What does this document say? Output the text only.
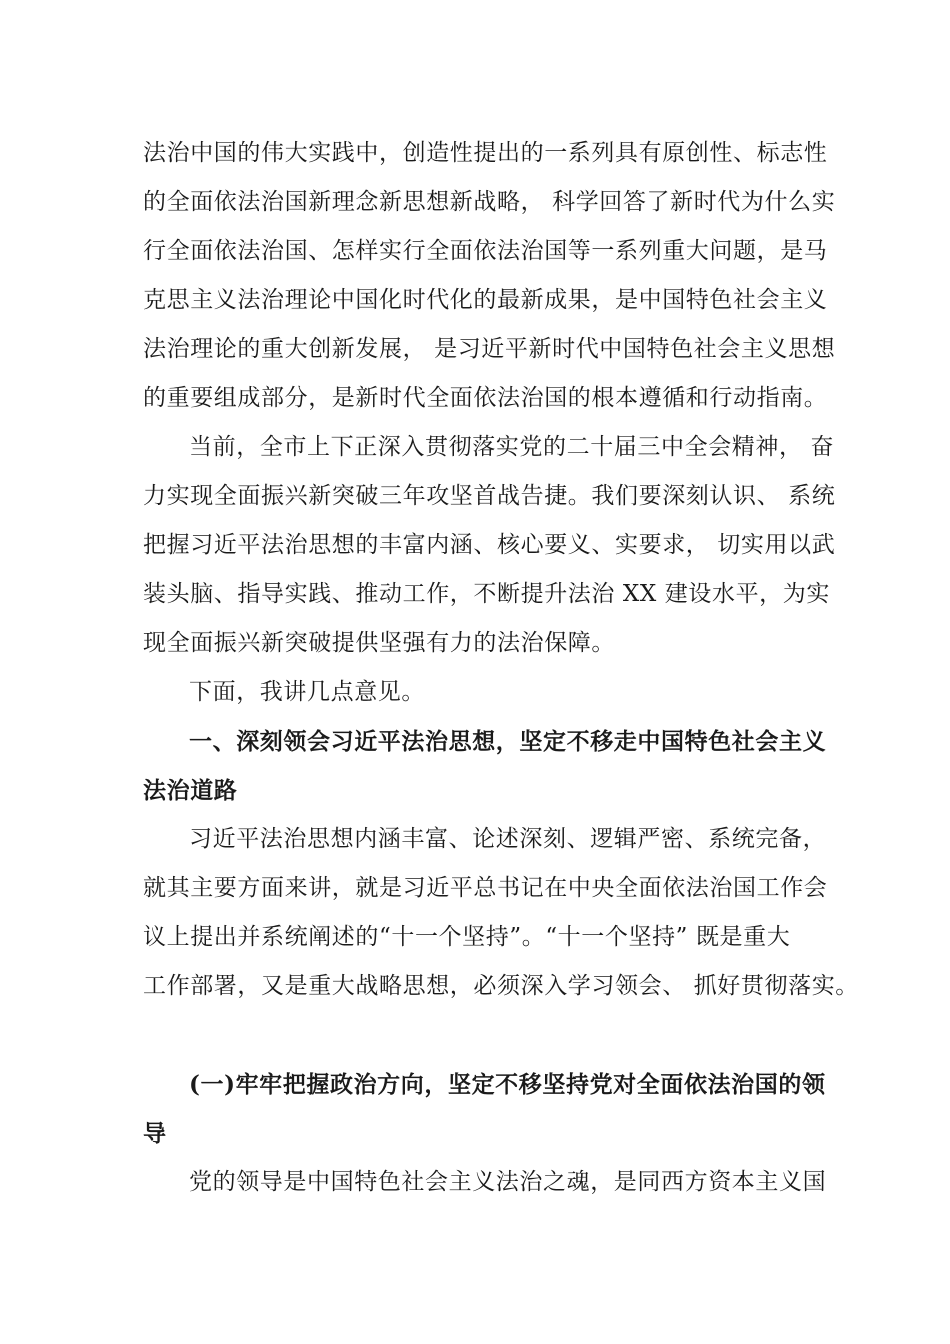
法治中国的伟大实践中，创造性提出的一系列具有原创性、标志性
的全面依法治国新理念新思想新战略， 科学回答了新时代为什么实
行全面依法治国、怎样实行全面依法治国等一系列重大问题，是马
克思主义法治理论中国化时代化的最新成果，是中国特色社会主义
法治理论的重大创新发展， 是习近平新时代中国特色社会主义思想
的重要组成部分，是新时代全面依法治国的根本遵循和行动指南。
当前，全市上下正深入贯彻落实党的二十届三中全会精神， 奋
力实现全面振兴新突破三年攻坚首战告捷。我们要深刻认识、 系统
把握习近平法治思想的丰富内涵、核心要义、实要求， 切实用以武
装头脑、指导实践、推动工作，不断提升法治 XX 建设水平，为实
现全面振兴新突破提供坚强有力的法治保障。
下面，我讲几点意见。
一、深刻领会习近平法治思想，坚定不移走中国特色社会主义
法治道路
习近平法治思想内涵丰富、论述深刻、逻辑严密、系统完备，
就其主要方面来讲，就是习近平总书记在中央全面依法治国工作会
议上提出并系统阐述的“十一个坚持”。“十一个坚持” 既是重大
工作部署，又是重大战略思想，必须深入学习领会、 抓好贯彻落实。
(一)牢牢把握政治方向，坚定不移坚持党对全面依法治国的领
导
党的领导是中国特色社会主义法治之魂，是同西方资本主义国
